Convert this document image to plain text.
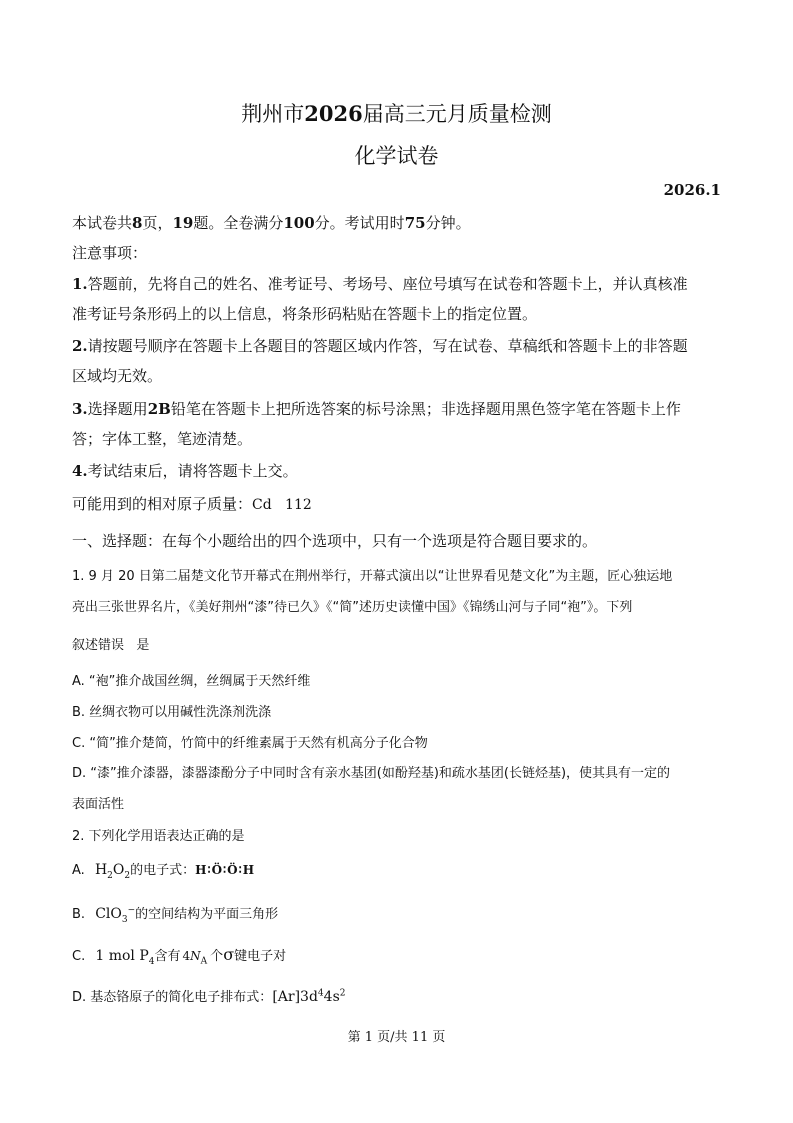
荆州市2026届高三元月质量检测
化学试卷
2026.1
本试卷共8页，19题。全卷满分100分。考试用时75分钟。
注意事项：
1.答题前，先将自己的姓名、准考证号、考场号、座位号填写在试卷和答题卡上，并认真核准
准考证号条形码上的以上信息，将条形码粘贴在答题卡上的指定位置。
2.请按题号顺序在答题卡上各题目的答题区域内作答，写在试卷、草稿纸和答题卡上的非答题
区域均无效。
3.选择题用2B铅笔在答题卡上把所选答案的标号涂黑；非选择题用黑色签字笔在答题卡上作
答；字体工整，笔迹清楚。
4.考试结束后，请将答题卡上交。
可能用到的相对原子质量：Cd   112
一、选择题：在每个小题给出的四个选项中，只有一个选项是符合题目要求的。
1. 9 月 20 日第二届楚文化节开幕式在荆州举行，开幕式演出以“让世界看见楚文化”为主题，匠心独运地
亮出三张世界名片，《美好荆州“漆”待已久》《“简”述历史读懂中国》《锦绣山河与子同“袍”》。下列
叙述错误   是
A. “袍”推介战国丝绸，丝绸属于天然纤维
B. 丝绸衣物可以用碱性洗涤剂洗涤
C. “简”推介楚简，竹简中的纤维素属于天然有机高分子化合物
D. “漆”推介漆器，漆器漆酚分子中同时含有亲水基团(如酚羟基)和疏水基团(长链烃基)，使其具有一定的
表面活性
2. 下列化学用语表达正确的是
A. $H_2O_2$的电子式：H∶Ö∶Ö∶H
B. ClO$_3$−的空间结构为平面三角形
C. 1 mol $P_4$含有 $4N_A$ 个σ键电子对
D. 基态铬原子的简化电子排布式：$[Ar]3d^44s^2$
第 1 页/共 11 页
